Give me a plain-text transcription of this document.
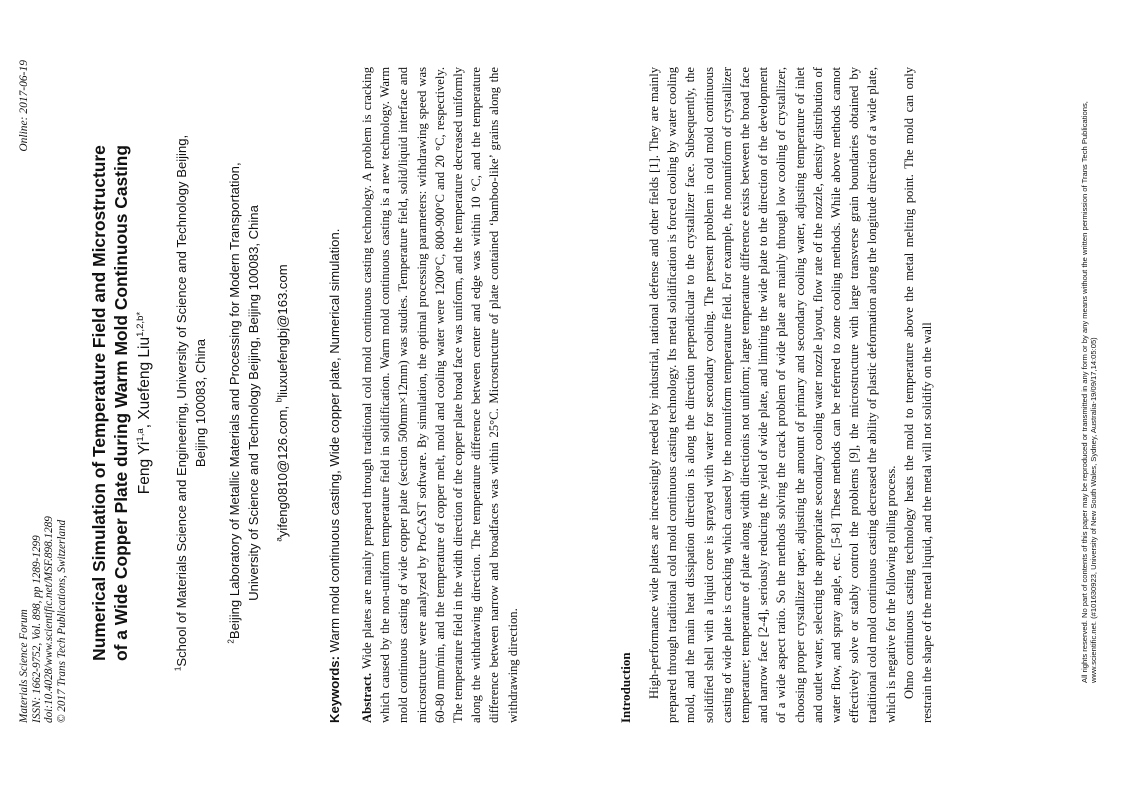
Materials Science Forum ISSN: 1662-9752, Vol. 898, pp 1289-1299 doi:10.4028/www.scientific.net/MSF.898.1289 © 2017 Trans Tech Publications, Switzerland
Online: 2017-06-19
Numerical Simulation of Temperature Field and Microstructure of a Wide Copper Plate during Warm Mold Continuous Casting Feng Yi$^{1,a}$, Xuefeng Liu$^{1,2,b*}$
$^1$School of Materials Science and Engineering, University of Science and Technology Beijing, Beijing 100083, China
$^2$Beijing Laboratory of Metallic Materials and Processing for Modern Transportation, University of Science and Technology Beijing, Beijing 100083, China $^a$yifeng0810@126.com, $^b$liuxuefengbj@163.com
Keywords: Warm mold continuous casting, Wide copper plate, Numerical simulation.
Abstract. Wide plates are mainly prepared through traditional cold mold continuous casting technology. A problem is cracking which caused by the non-uniform temperature field in solidification. Warm mold continuous casting is a new technology. Warm mold continuous casting of wide copper plate (section 500mm×12mm) was studies. Temperature field, solid/liquid interface and microstructure were analyzed by ProCAST software. By simulation, the optimal processing parameters: withdrawing speed was 60-80 mm/min, and the temperature of copper melt, mold and cooling water were 1200°C, 800-900°C and 20 °C, respectively. The temperature field in the width direction of the copper plate broad face was uniform, and the temperature decreased uniformly along the withdrawing direction. The temperature difference between center and edge was within 10 °C, and the temperature difference between narrow and broadfaces was within 25°C. Microstructure of plate contained ‘bamboo-like’ grains along the withdrawing direction.	Introduction High-performance wide plates are increasingly needed by industrial, national defense and other fields [1]. They are mainly prepared through traditional cold mold continuous casting technology. Its metal solidification is forced cooling by water cooling mold, and the main heat dissipation direction is along the direction perpendicular to the crystallizer face. Subsequently, the solidified shell with a liquid core is sprayed with water for secondary cooling. The present problem in cold mold continuous casting of wide plate is cracking which caused by the nonuniform temperature field. For example, the nonuniform of crystallizer temperature; temperature of plate along width directionis not uniform; large temperature difference exists between the broad face and narrow face [2-4], seriously reducing the yield of wide plate, and limiting the wide plate to the direction of the development of a wide aspect ratio. So the methods solving the crack problem of wide plate are mainly through low cooling of crystallizer, choosing proper crystallizer taper, adjusting the amount of primary and secondary cooling water, adjusting temperature of inlet and outlet water, selecting the appropriate secondary cooling water nozzle layout, flow rate of the nozzle, density distribution of water flow, and spray angle, etc. [5-8] These methods can be referred to zone cooling methods. While above methods cannot effectively solve or stably control the problems [9], the microstructure with large transverse grain boundaries obtained by traditional cold mold continuous casting decreased the ability of plastic deformation along the longitude direction of a wide plate, which is negative for the following rolling process. Ohno continuous casting technology heats the mold to temperature above the metal melting point. The mold can only restrain the shape of the metal liquid, and the metal will not solidify on the wall	All rights reserved. No part of contents of this paper may be reproduced or transmitted in any form or by any means without the written permission of Trans Tech Publications, www.scientific.net. (#101630923, University of New South Wales, Sydney, Australia-19/09/17,14:05:05)
